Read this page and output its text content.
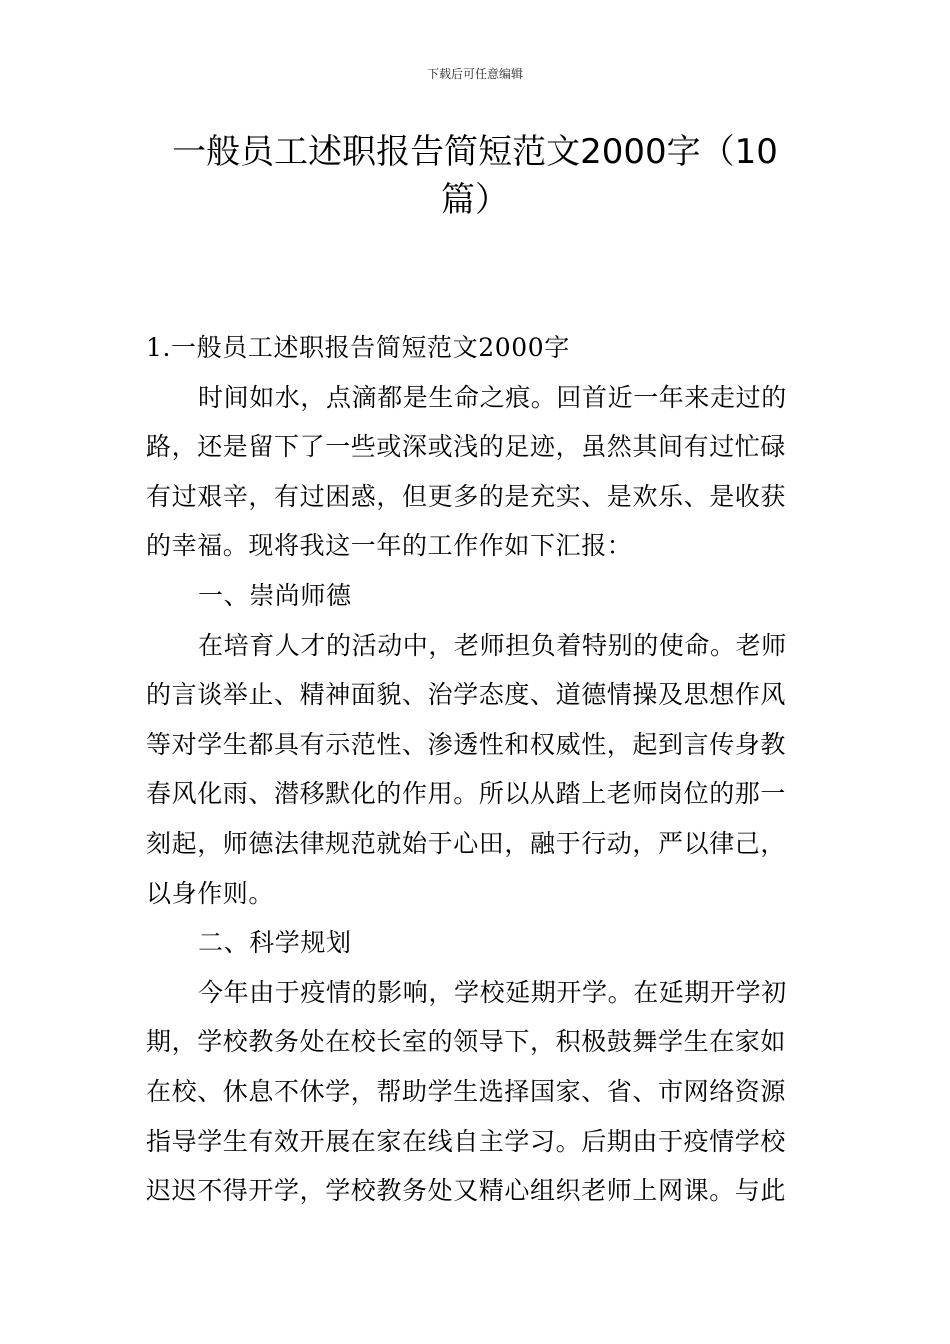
下载后可任意编辑
一般员工述职报告简短范文2000字（10篇）
1.一般员工述职报告简短范文2000字
时间如水，点滴都是生命之痕。回首近一年来走过的
路，还是留下了一些或深或浅的足迹，虽然其间有过忙碌
有过艰辛，有过困惑，但更多的是充实、是欢乐、是收获
的幸福。现将我这一年的工作作如下汇报：
一、崇尚师德
在培育人才的活动中，老师担负着特别的使命。老师
的言谈举止、精神面貌、治学态度、道德情操及思想作风
等对学生都具有示范性、渗透性和权威性，起到言传身教
春风化雨、潜移默化的作用。所以从踏上老师岗位的那一
刻起，师德法律规范就始于心田，融于行动，严以律己，
以身作则。
二、科学规划
今年由于疫情的影响，学校延期开学。在延期开学初
期，学校教务处在校长室的领导下，积极鼓舞学生在家如
在校、休息不休学，帮助学生选择国家、省、市网络资源
指导学生有效开展在家在线自主学习。后期由于疫情学校
迟迟不得开学，学校教务处又精心组织老师上网课。与此
